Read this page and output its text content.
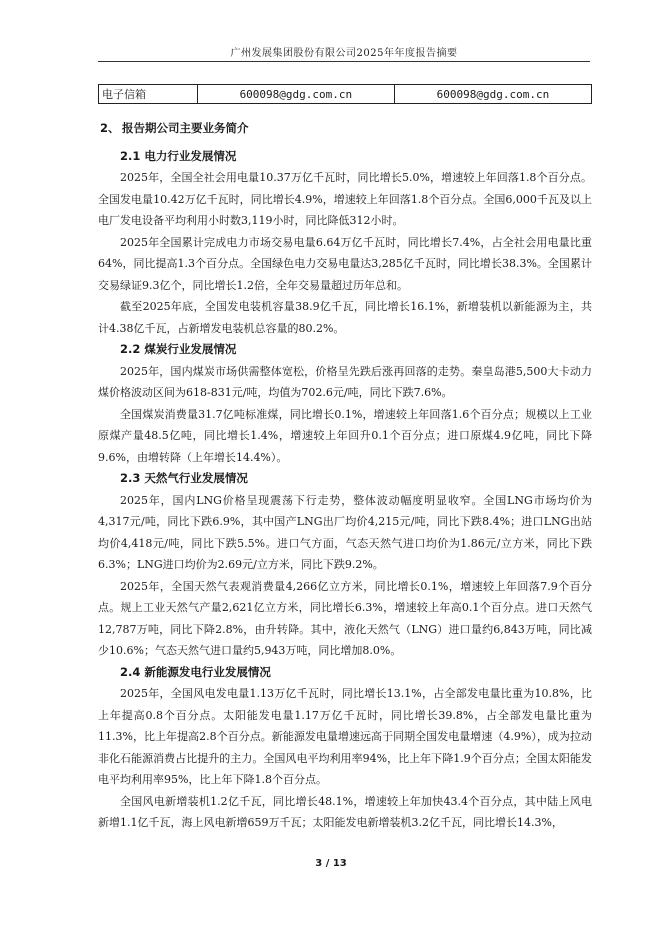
广州发展集团股份有限公司2025年年度报告摘要
电子信箱	600098@gdg.com.cn	600098@gdg.com.cn
2、 报告期公司主要业务简介
2.1 电力行业发展情况

2025年，全国全社会用电量10.37万亿千瓦时，同比增长5.0%，增速较上年回落1.8个百分点。全国发电量10.42万亿千瓦时，同比增长4.9%，增速较上年回落1.8个百分点。全国6,000千瓦及以上电厂发电设备平均利用小时数3,119小时，同比降低312小时。

2025年全国累计完成电力市场交易电量6.64万亿千瓦时，同比增长7.4%，占全社会用电量比重64%，同比提高1.3个百分点。全国绿色电力交易电量达3,285亿千瓦时，同比增长38.3%。全国累计交易绿证9.3亿个，同比增长1.2倍，全年交易量超过历年总和。

截至2025年底，全国发电装机容量38.9亿千瓦，同比增长16.1%，新增装机以新能源为主，共计4.38亿千瓦，占新增发电装机总容量的80.2%。

2.2 煤炭行业发展情况

2025年，国内煤炭市场供需整体宽松，价格呈先跌后涨再回落的走势。秦皇岛港5,500大卡动力煤价格波动区间为618-831元/吨，均值为702.6元/吨，同比下跌7.6%。

全国煤炭消费量31.7亿吨标准煤，同比增长0.1%，增速较上年回落1.6个百分点；规模以上工业原煤产量48.5亿吨，同比增长1.4%，增速较上年回升0.1个百分点；进口原煤4.9亿吨，同比下降9.6%，由增转降（上年增长14.4%）。

2.3 天然气行业发展情况

2025年，国内LNG价格呈现震荡下行走势，整体波动幅度明显收窄。全国LNG市场均价为4,317元/吨，同比下跌6.9%，其中国产LNG出厂均价4,215元/吨，同比下跌8.4%；进口LNG出站均价4,418元/吨，同比下跌5.5%。进口气方面，气态天然气进口均价为1.86元/立方米，同比下跌6.3%；LNG进口均价为2.69元/立方米，同比下跌9.2%。

2025年，全国天然气表观消费量4,266亿立方米，同比增长0.1%，增速较上年回落7.9个百分点。规上工业天然气产量2,621亿立方米，同比增长6.3%，增速较上年高0.1个百分点。进口天然气12,787万吨，同比下降2.8%，由升转降。其中，液化天然气（LNG）进口量约6,843万吨，同比减少10.6%；气态天然气进口量约5,943万吨，同比增加8.0%。

2.4 新能源发电行业发展情况

2025年，全国风电发电量1.13万亿千瓦时，同比增长13.1%，占全部发电量比重为10.8%，比上年提高0.8个百分点。太阳能发电量1.17万亿千瓦时，同比增长39.8%，占全部发电量比重为11.3%，比上年提高2.8个百分点。新能源发电量增速远高于同期全国发电量增速（4.9%），成为拉动非化石能源消费占比提升的主力。全国风电平均利用率94%，比上年下降1.9个百分点；全国太阳能发电平均利用率95%，比上年下降1.8个百分点。

全国风电新增装机1.2亿千瓦，同比增长48.1%，增速较上年加快43.4个百分点，其中陆上风电新增1.1亿千瓦，海上风电新增659万千瓦；太阳能发电新增装机3.2亿千瓦，同比增长14.3%，

3 / 13
